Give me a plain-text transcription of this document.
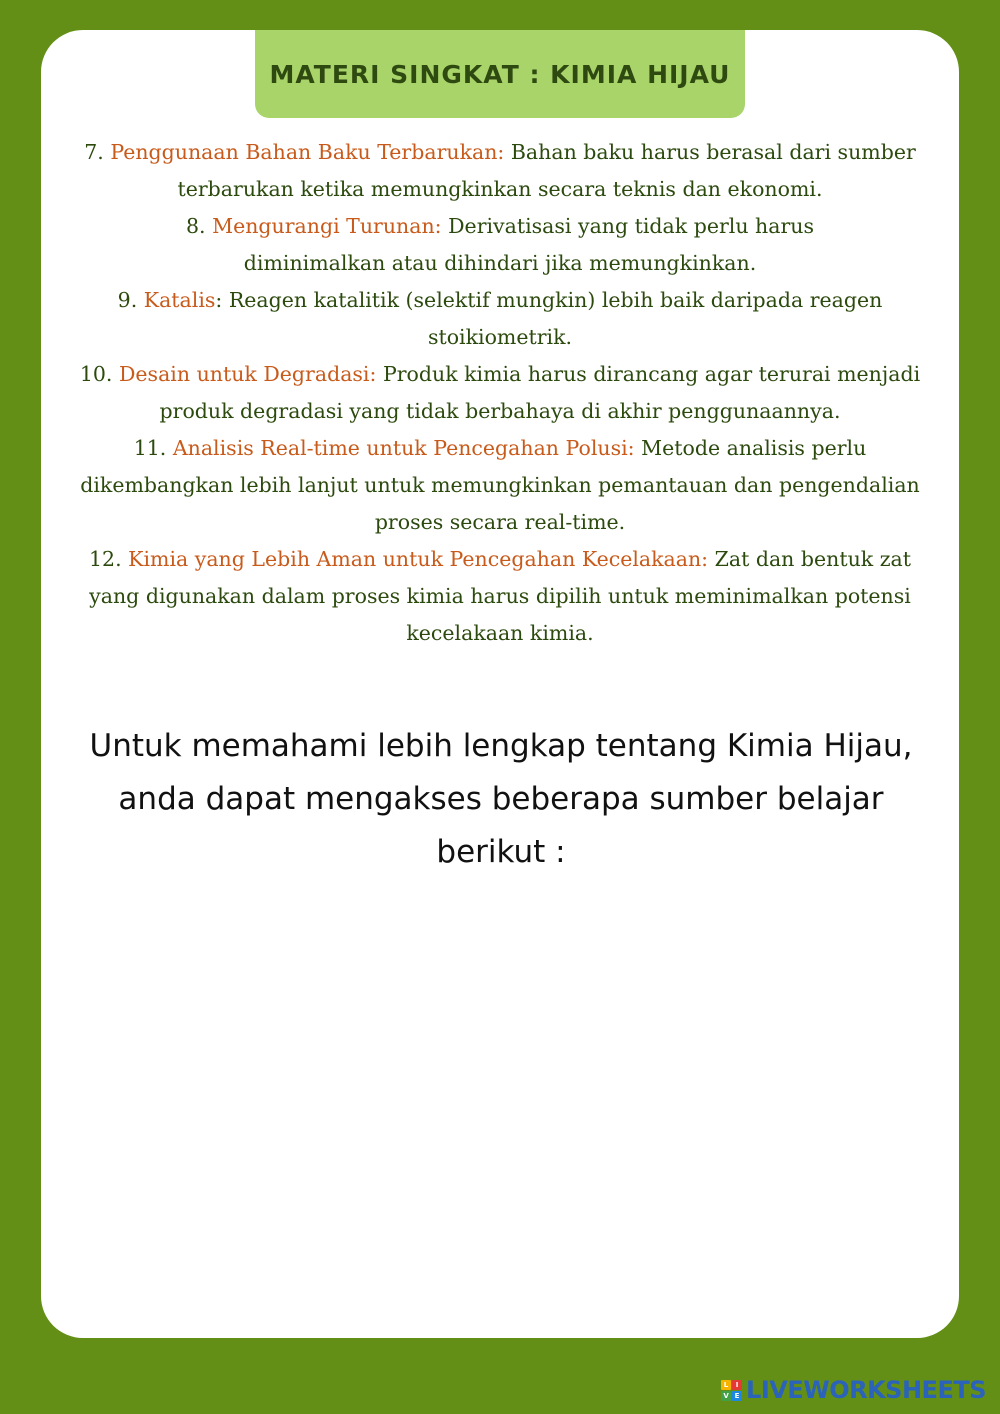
MATERI SINGKAT : KIMIA HIJAU

7. Penggunaan Bahan Baku Terbarukan: Bahan baku harus berasal dari sumber terbarukan ketika memungkinkan secara teknis dan ekonomi.

8. Mengurangi Turunan: Derivatisasi yang tidak perlu harus diminimalkan atau dihindari jika memungkinkan.

9. Katalis: Reagen katalitik (selektif mungkin) lebih baik daripada reagen stoikiometrik.

10. Desain untuk Degradasi: Produk kimia harus dirancang agar terurai menjadi produk degradasi yang tidak berbahaya di akhir penggunaannya.

11. Analisis Real-time untuk Pencegahan Polusi: Metode analisis perlu dikembangkan lebih lanjut untuk memungkinkan pemantauan dan pengendalian proses secara real-time.

12. Kimia yang Lebih Aman untuk Pencegahan Kecelakaan: Zat dan bentuk zat yang digunakan dalam proses kimia harus dipilih untuk meminimalkan potensi kecelakaan kimia.

Untuk memahami lebih lengkap tentang Kimia Hijau, anda dapat mengakses beberapa sumber belajar berikut :
L	I
V E LIVEWORKSHEETS
